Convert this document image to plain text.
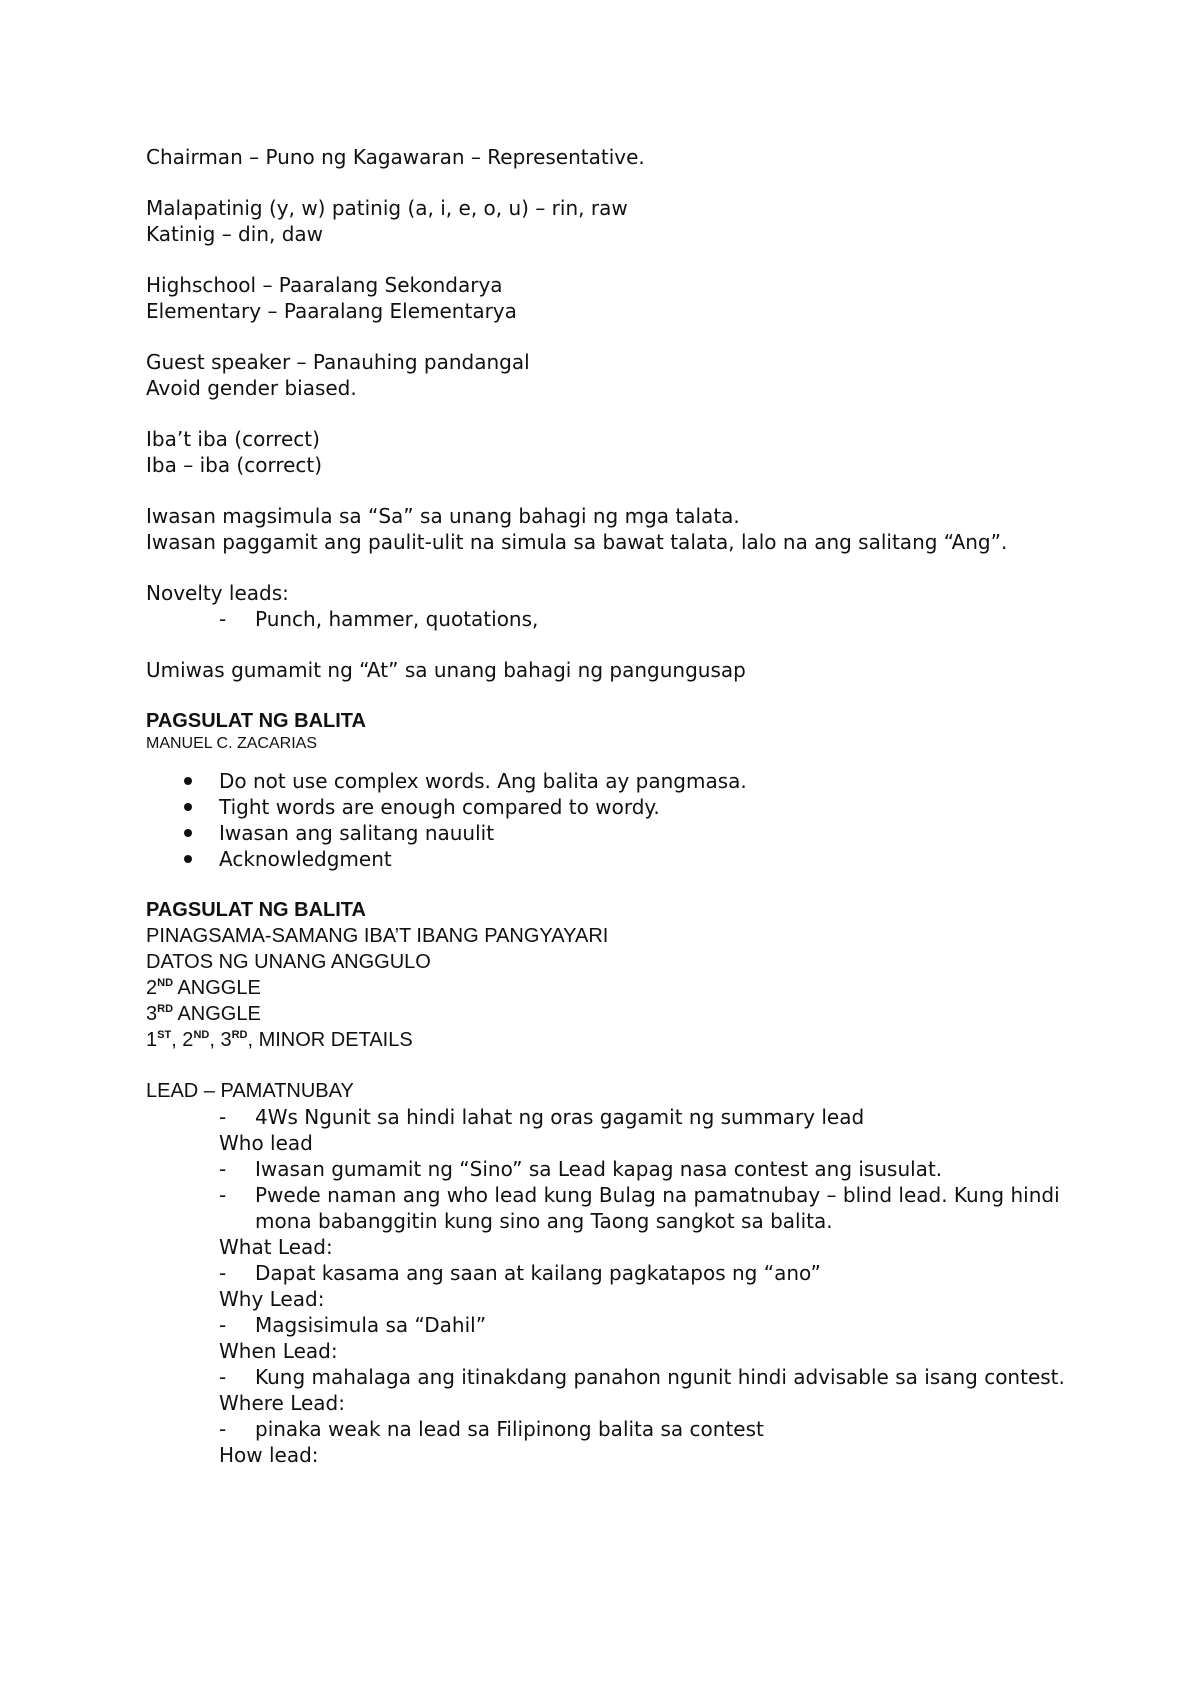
Chairman – Puno ng Kagawaran – Representative.
Malapatinig (y, w) patinig (a, i, e, o, u) – rin, raw
Katinig – din, daw
Highschool – Paaralang Sekondarya
Elementary – Paaralang Elementarya
Guest speaker – Panauhing pandangal
Avoid gender biased.
Iba’t iba (correct)
Iba – iba (correct)
Iwasan magsimula sa “Sa” sa unang bahagi ng mga talata.
Iwasan paggamit ang paulit-ulit na simula sa bawat talata, lalo na ang salitang “Ang”.
Novelty leads:
- Punch, hammer, quotations,
Umiwas gumamit ng “At” sa unang bahagi ng pangungusap
PAGSULAT NG BALITA
MANUEL C. ZACARIAS
Do not use complex words. Ang balita ay pangmasa.
Tight words are enough compared to wordy.
Iwasan ang salitang nauulit
Acknowledgment
PAGSULAT NG BALITA
PINAGSAMA-SAMANG IBA’T IBANG PANGYAYARI
DATOS NG UNANG ANGGULO
2ND ANGGLE
3RD ANGGLE
1ST, 2ND, 3RD, MINOR DETAILS
LEAD – PAMATNUBAY
- 4Ws Ngunit sa hindi lahat ng oras gagamit ng summary lead
Who lead
- Iwasan gumamit ng “Sino” sa Lead kapag nasa contest ang isusulat.
- Pwede naman ang who lead kung Bulag na pamatnubay – blind lead. Kung hindi mona babanggitin kung sino ang Taong sangkot sa balita.
What Lead:
- Dapat kasama ang saan at kailang pagkatapos ng “ano”
Why Lead:
- Magsisimula sa “Dahil”
When Lead:
- Kung mahalaga ang itinakdang panahon ngunit hindi advisable sa isang contest.
Where Lead:
- pinaka weak na lead sa Filipinong balita sa contest
How lead:
